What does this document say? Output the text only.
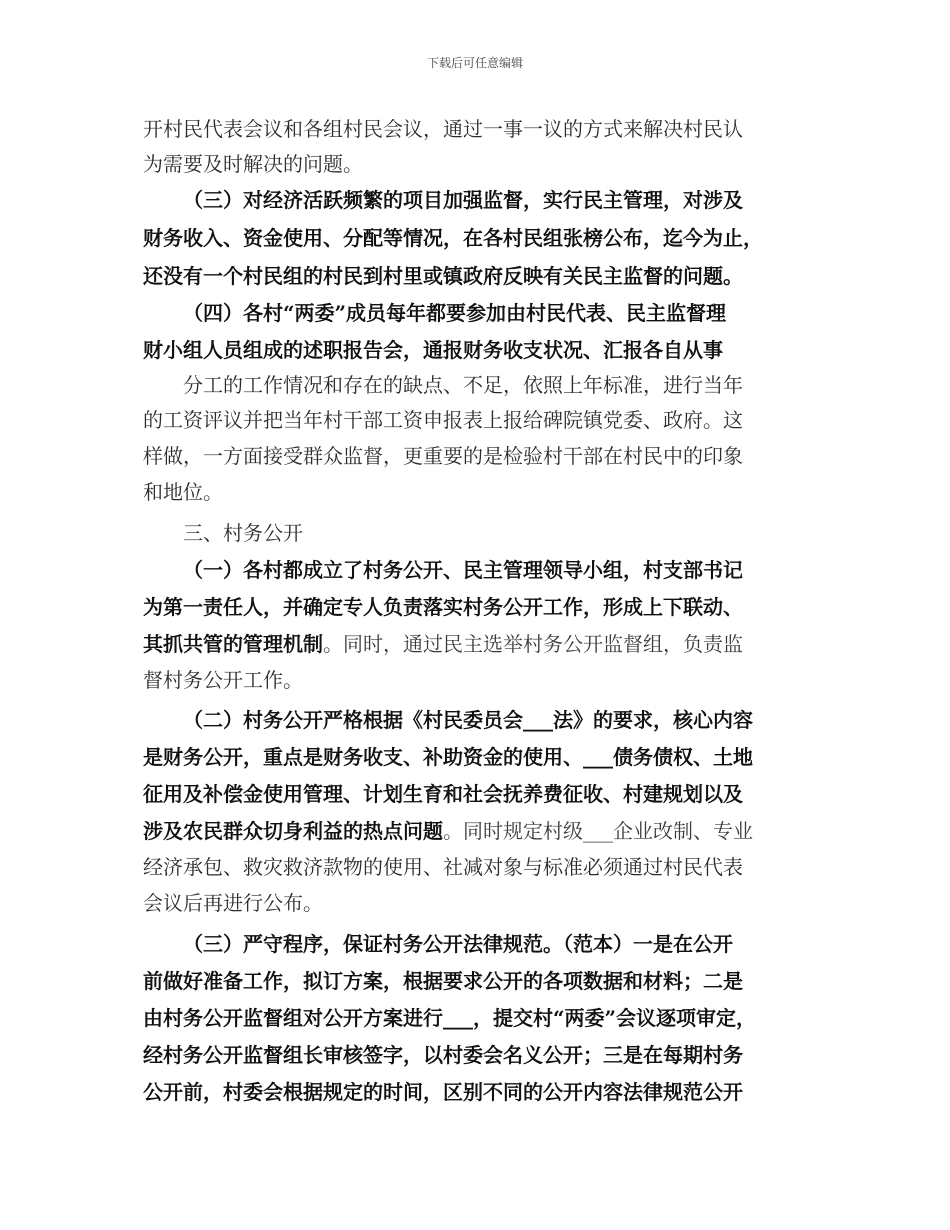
下载后可任意编辑

开村民代表会议和各组村民会议，通过一事一议的方式来解决村民认

为需要及时解决的问题。

（三）对经济活跃频繁的项目加强监督，实行民主管理，对涉及

财务收入、资金使用、分配等情况，在各村民组张榜公布，迄今为止，

还没有一个村民组的村民到村里或镇政府反映有关民主监督的问题。

（四）各村“两委”成员每年都要参加由村民代表、民主监督理

财小组人员组成的述职报告会，通报财务收支状况、汇报各自从事

分工的工作情况和存在的缺点、不足，依照上年标准，进行当年

的工资评议并把当年村干部工资申报表上报给碑院镇党委、政府。这

样做，一方面接受群众监督，更重要的是检验村干部在村民中的印象

和地位。

三、村务公开

（一）各村都成立了村务公开、民主管理领导小组，村支部书记

为第一责任人，并确定专人负责落实村务公开工作，形成上下联动、

其抓共管的管理机制。同时，通过民主选举村务公开监督组，负责监

督村务公开工作。

（二）村务公开严格根据《村民委员会___法》的要求，核心内容

是财务公开，重点是财务收支、补助资金的使用、___债务债权、土地

征用及补偿金使用管理、计划生育和社会抚养费征收、村建规划以及

涉及农民群众切身利益的热点问题。同时规定村级___企业改制、专业

经济承包、救灾救济款物的使用、社减对象与标准必须通过村民代表

会议后再进行公布。

（三）严守程序，保证村务公开法律规范。（范本）一是在公开

前做好准备工作，拟订方案，根据要求公开的各项数据和材料；二是

由村务公开监督组对公开方案进行___，提交村“两委”会议逐项审定，

经村务公开监督组长审核签字，以村委会名义公开；三是在每期村务

公开前，村委会根据规定的时间，区别不同的公开内容法律规范公开
